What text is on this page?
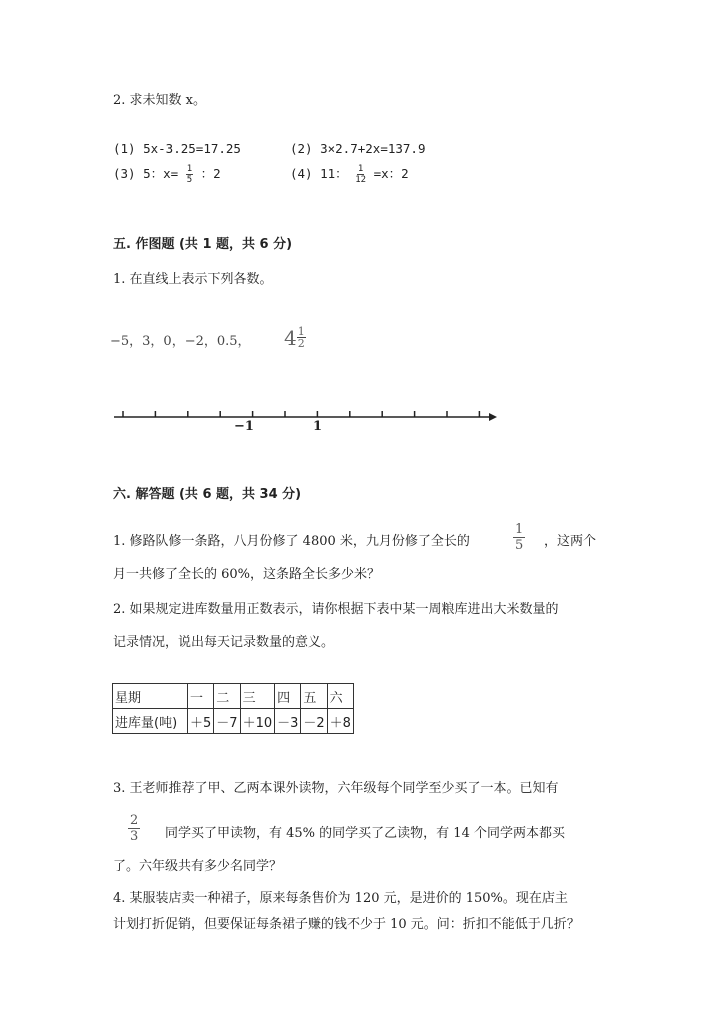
2. 求未知数 x。
(1) 5x-3.25=17.25	(2) 3×2.7+2x=137.9
(3) 5：$x= \frac{1}{5}$ ：2	(4) 11： $\frac{1}{12} =x$：2
五. 作图题 (共 1 题，共 6 分)
1. 在直线上表示下列各数。
−5，3，0，−2，0.5， $4 \frac{1}{2}$
−1	1
六. 解答题 (共 6 题，共 34 分)
1. 修路队修一条路，八月份修了 4800 米，九月份修了全长的	$\frac{1}{5}$ ，这两个
月一共修了全长的 60%，这条路全长多少米？
2. 如果规定进库数量用正数表示，请你根据下表中某一周粮库进出大米数量的
记录情况，说出每天记录数量的意义。
星期	一	二	三	四	五	六
进库量(吨)	＋5	－7	＋10	－3	－2	＋8
3. 王老师推荐了甲、乙两本课外读物，六年级每个同学至少买了一本。已知有
$\frac{2}{3}$ 同学买了甲读物，有 45% 的同学买了乙读物，有 14 个同学两本都买
了。六年级共有多少名同学？
4. 某服装店卖一种裙子，原来每条售价为 120 元，是进价的 150%。现在店主
计划打折促销，但要保证每条裙子赚的钱不少于 10 元。问：折扣不能低于几折？
